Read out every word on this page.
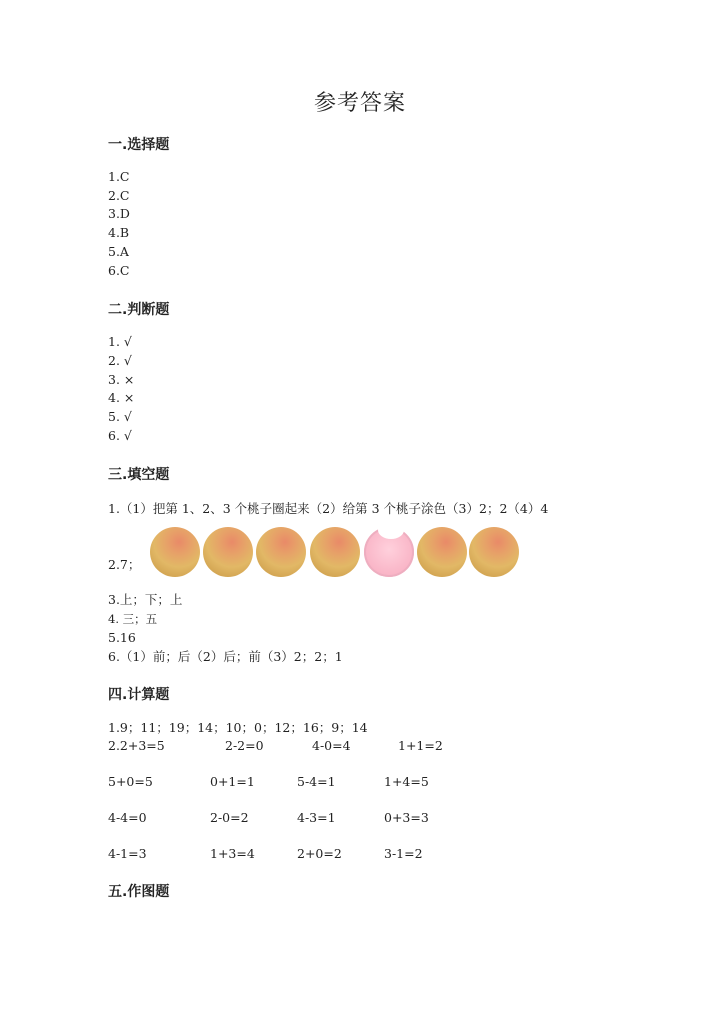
参考答案
一.选择题
1.C
2.C
3.D
4.B
5.A
6.C
二.判断题
1. √
2. √
3. ×
4. ×
5. √
6. √
三.填空题
1.（1）把第 1、2、3 个桃子圈起来（2）给第 3 个桃子涂色（3）2；2（4）4
2.7；
3.上；下；上
4. 三；五
5.16
6.（1）前；后（2）后；前（3）2；2；1
四.计算题
1.9；11；19；14；10；0；12；16；9；14
2.2+3=5	2-2=0	4-0=4	1+1=2
5+0=5	0+1=1	5-4=1	1+4=5
4-4=0	2-0=2	4-3=1	0+3=3
4-1=3	1+3=4	2+0=2	3-1=2
五.作图题
